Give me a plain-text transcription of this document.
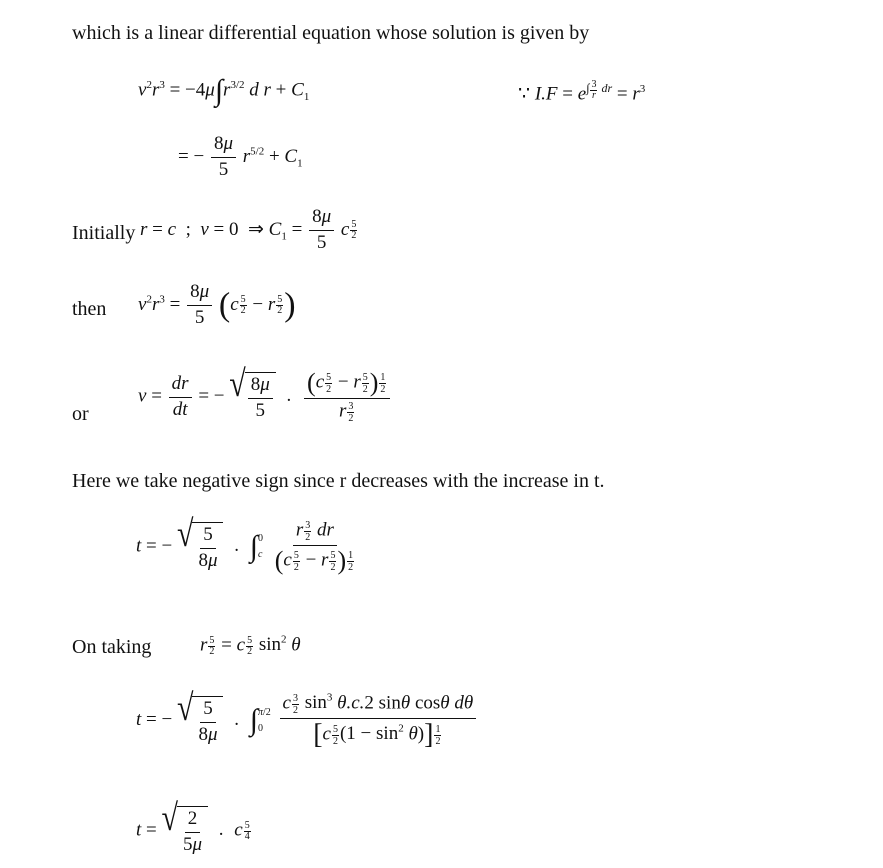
which is a linear differential equation whose solution is given by
$v^2r^3 = -4\mu\int r^{3/2}$ d $r + C_1$	∵ $I.F = e^{\int \frac{3}{r} dr} = r^3$
= − $\frac{8\mu}{5} r^{5/2} + C_1$
Initially r = c  ;  v = 0  ⇒ $C_1 = \frac{8\mu}{5}$ c $\frac{5}{2}$
then $v^2r^3 = \frac{8\mu}{5} (c \frac{5}{2} - r \frac{5}{2}$ )
or
$v = \frac{dr}{dt}$ = − √ $\frac{8\mu}{5}$ . $\frac{(c \frac{5}{2} - r \frac{5}{2} ) \frac{1}{2}}{r \frac{3}{2}}$
Here we take negative sign since r decreases with the increase in t.
t = − √ $\frac{5}{8\mu}$ . ∫ 0
c
$\frac{r \frac{3}{2} dr}{(c \frac{5}{2} - r \frac{5}{2} ) \frac{1}{2}}$
On taking	r $\frac{5}{2} = c \frac{5}{2} \sin^2 \theta$
t = − √ $\frac{5}{8\mu}$ . ∫ π/2
0
$\frac{c \frac{3}{2} \sin^3 \theta.c.2 \sin\theta \cos\theta d\theta}{[c \frac{5}{2} (1 - \sin^2 \theta)] \frac{1}{2}}$
t = √ $\frac{2}{5\mu}$ . c $\frac{5}{4}$
